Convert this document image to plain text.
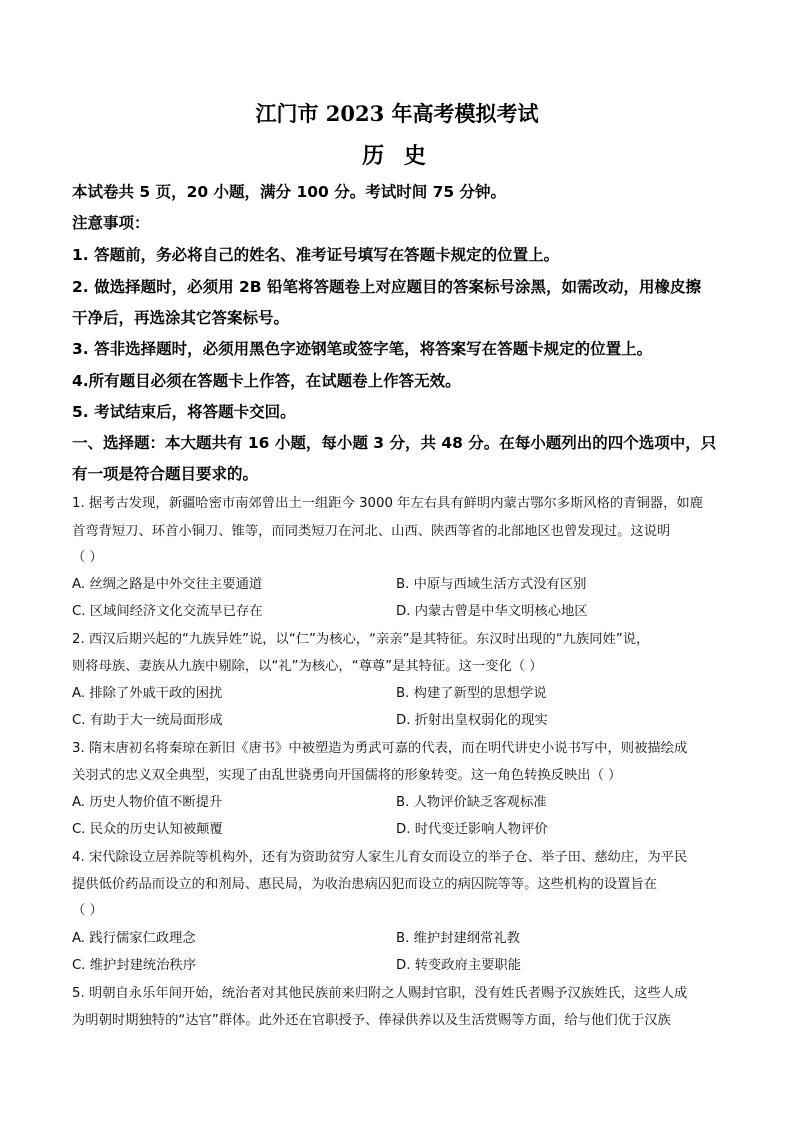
江门市 2023 年高考模拟考试
历 史
本试卷共 5 页，20 小题，满分 100 分。考试时间 75 分钟。
注意事项：
1. 答题前，务必将自己的姓名、准考证号填写在答题卡规定的位置上。
2. 做选择题时，必须用 2B 铅笔将答题卷上对应题目的答案标号涂黑，如需改动，用橡皮擦
干净后，再选涂其它答案标号。
3. 答非选择题时，必须用黑色字迹钢笔或签字笔，将答案写在答题卡规定的位置上。
4.所有题目必须在答题卡上作答，在试题卷上作答无效。
5. 考试结束后，将答题卡交回。
一、选择题：本大题共有 16 小题，每小题 3 分，共 48 分。在每小题列出的四个选项中，只
有一项是符合题目要求的。
1. 据考古发现，新疆哈密市南郊曾出土一组距今 3000 年左右具有鲜明内蒙古鄂尔多斯风格的青铜器，如鹿
首弯背短刀、环首小铜刀、锥等，而同类短刀在河北、山西、陕西等省的北部地区也曾发现过。这说明
（ ）
A. 丝绸之路是中外交往主要通道	B. 中原与西域生活方式没有区别
C. 区域间经济文化交流早已存在	D. 内蒙古曾是中华文明核心地区
2. 西汉后期兴起的“九族异姓”说，以“仁”为核心，“亲亲”是其特征。东汉时出现的“九族同姓”说，
则将母族、妻族从九族中剔除，以“礼”为核心，“尊尊”是其特征。这一变化（ ）
A. 排除了外戚干政的困扰	B. 构建了新型的思想学说
C. 有助于大一统局面形成	D. 折射出皇权弱化的现实
3. 隋末唐初名将秦琼在新旧《唐书》中被塑造为勇武可嘉的代表，而在明代讲史小说书写中，则被描绘成
关羽式的忠义双全典型，实现了由乱世骁勇向开国儒将的形象转变。这一角色转换反映出（ ）
A. 历史人物价值不断提升	B. 人物评价缺乏客观标准
C. 民众的历史认知被颠覆	D. 时代变迁影响人物评价
4. 宋代除设立居养院等机构外，还有为资助贫穷人家生儿育女而设立的举子仓、举子田、慈幼庄，为平民
提供低价药品而设立的和剂局、惠民局，为收治患病囚犯而设立的病囚院等等。这些机构的设置旨在
（ ）
A. 践行儒家仁政理念	B. 维护封建纲常礼教
C. 维护封建统治秩序	D. 转变政府主要职能
5. 明朝自永乐年间开始，统治者对其他民族前来归附之人赐封官职，没有姓氏者赐予汉族姓氏，这些人成
为明朝时期独特的“达官”群体。此外还在官职授予、俸禄供养以及生活赏赐等方面，给与他们优于汉族
